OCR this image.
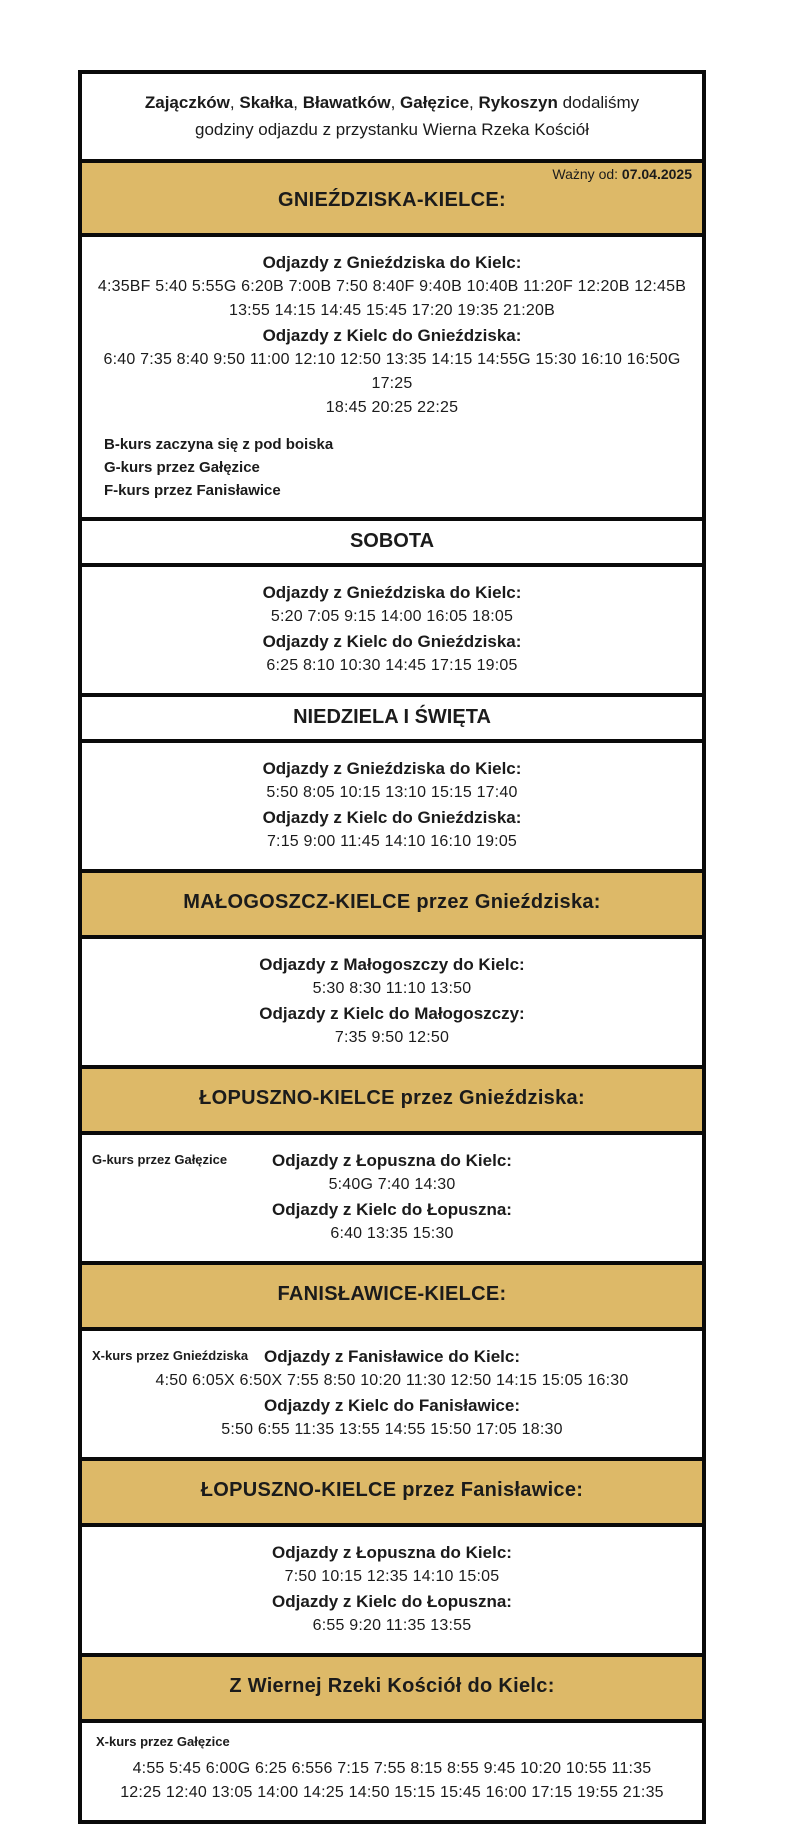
Zajączków, Skałka, Bławatków, Gałęzice, Rykoszyn dodaliśmy
godziny odjazdu z przystanku Wierna Rzeka Kościół
Ważny od: 07.04.2025
GNIEŹDZISKA-KIELCE:
Odjazdy z Gnieździska do Kielc:
4:35BF 5:40 5:55G 6:20B 7:00B 7:50 8:40F 9:40B 10:40B 11:20F 12:20B 12:45B
13:55 14:15 14:45 15:45 17:20 19:35 21:20B
Odjazdy z Kielc do Gnieździska:
6:40 7:35 8:40 9:50 11:00 12:10 12:50 13:35 14:15 14:55G 15:30 16:10 16:50G 17:25
18:45 20:25 22:25
B-kurs zaczyna się z pod boiska
G-kurs przez Gałęzice
F-kurs przez Fanisławice
SOBOTA
Odjazdy z Gnieździska do Kielc:
5:20 7:05 9:15 14:00 16:05 18:05
Odjazdy z Kielc do Gnieździska:
6:25 8:10 10:30 14:45 17:15 19:05
NIEDZIELA I ŚWIĘTA
Odjazdy z Gnieździska do Kielc:
5:50 8:05 10:15 13:10 15:15 17:40
Odjazdy z Kielc do Gnieździska:
7:15 9:00 11:45 14:10 16:10 19:05
MAŁOGOSZCZ-KIELCE przez Gnieździska:
Odjazdy z Małogoszczy do Kielc:
5:30 8:30 11:10 13:50
Odjazdy z Kielc do Małogoszczy:
7:35 9:50 12:50
ŁOPUSZNO-KIELCE przez Gnieździska:
G-kurs przez Gałęzice	Odjazdy z Łopuszna do Kielc:
5:40G 7:40 14:30
Odjazdy z Kielc do Łopuszna:
6:40 13:35 15:30
FANISŁAWICE-KIELCE:
X-kurs przez Gnieździska Odjazdy z Fanisławice do Kielc:
4:50 6:05X 6:50X 7:55 8:50 10:20 11:30 12:50 14:15 15:05 16:30
Odjazdy z Kielc do Fanisławice:
5:50 6:55 11:35 13:55 14:55 15:50 17:05 18:30
ŁOPUSZNO-KIELCE przez Fanisławice:
Odjazdy z Łopuszna do Kielc:
7:50 10:15 12:35 14:10 15:05
Odjazdy z Kielc do Łopuszna:
6:55 9:20 11:35 13:55
Z Wiernej Rzeki Kościół do Kielc:
X-kurs przez Gałęzice
4:55 5:45 6:00G 6:25 6:556 7:15 7:55 8:15 8:55 9:45 10:20 10:55 11:35
12:25 12:40 13:05 14:00 14:25 14:50 15:15 15:45 16:00 17:15 19:55 21:35
